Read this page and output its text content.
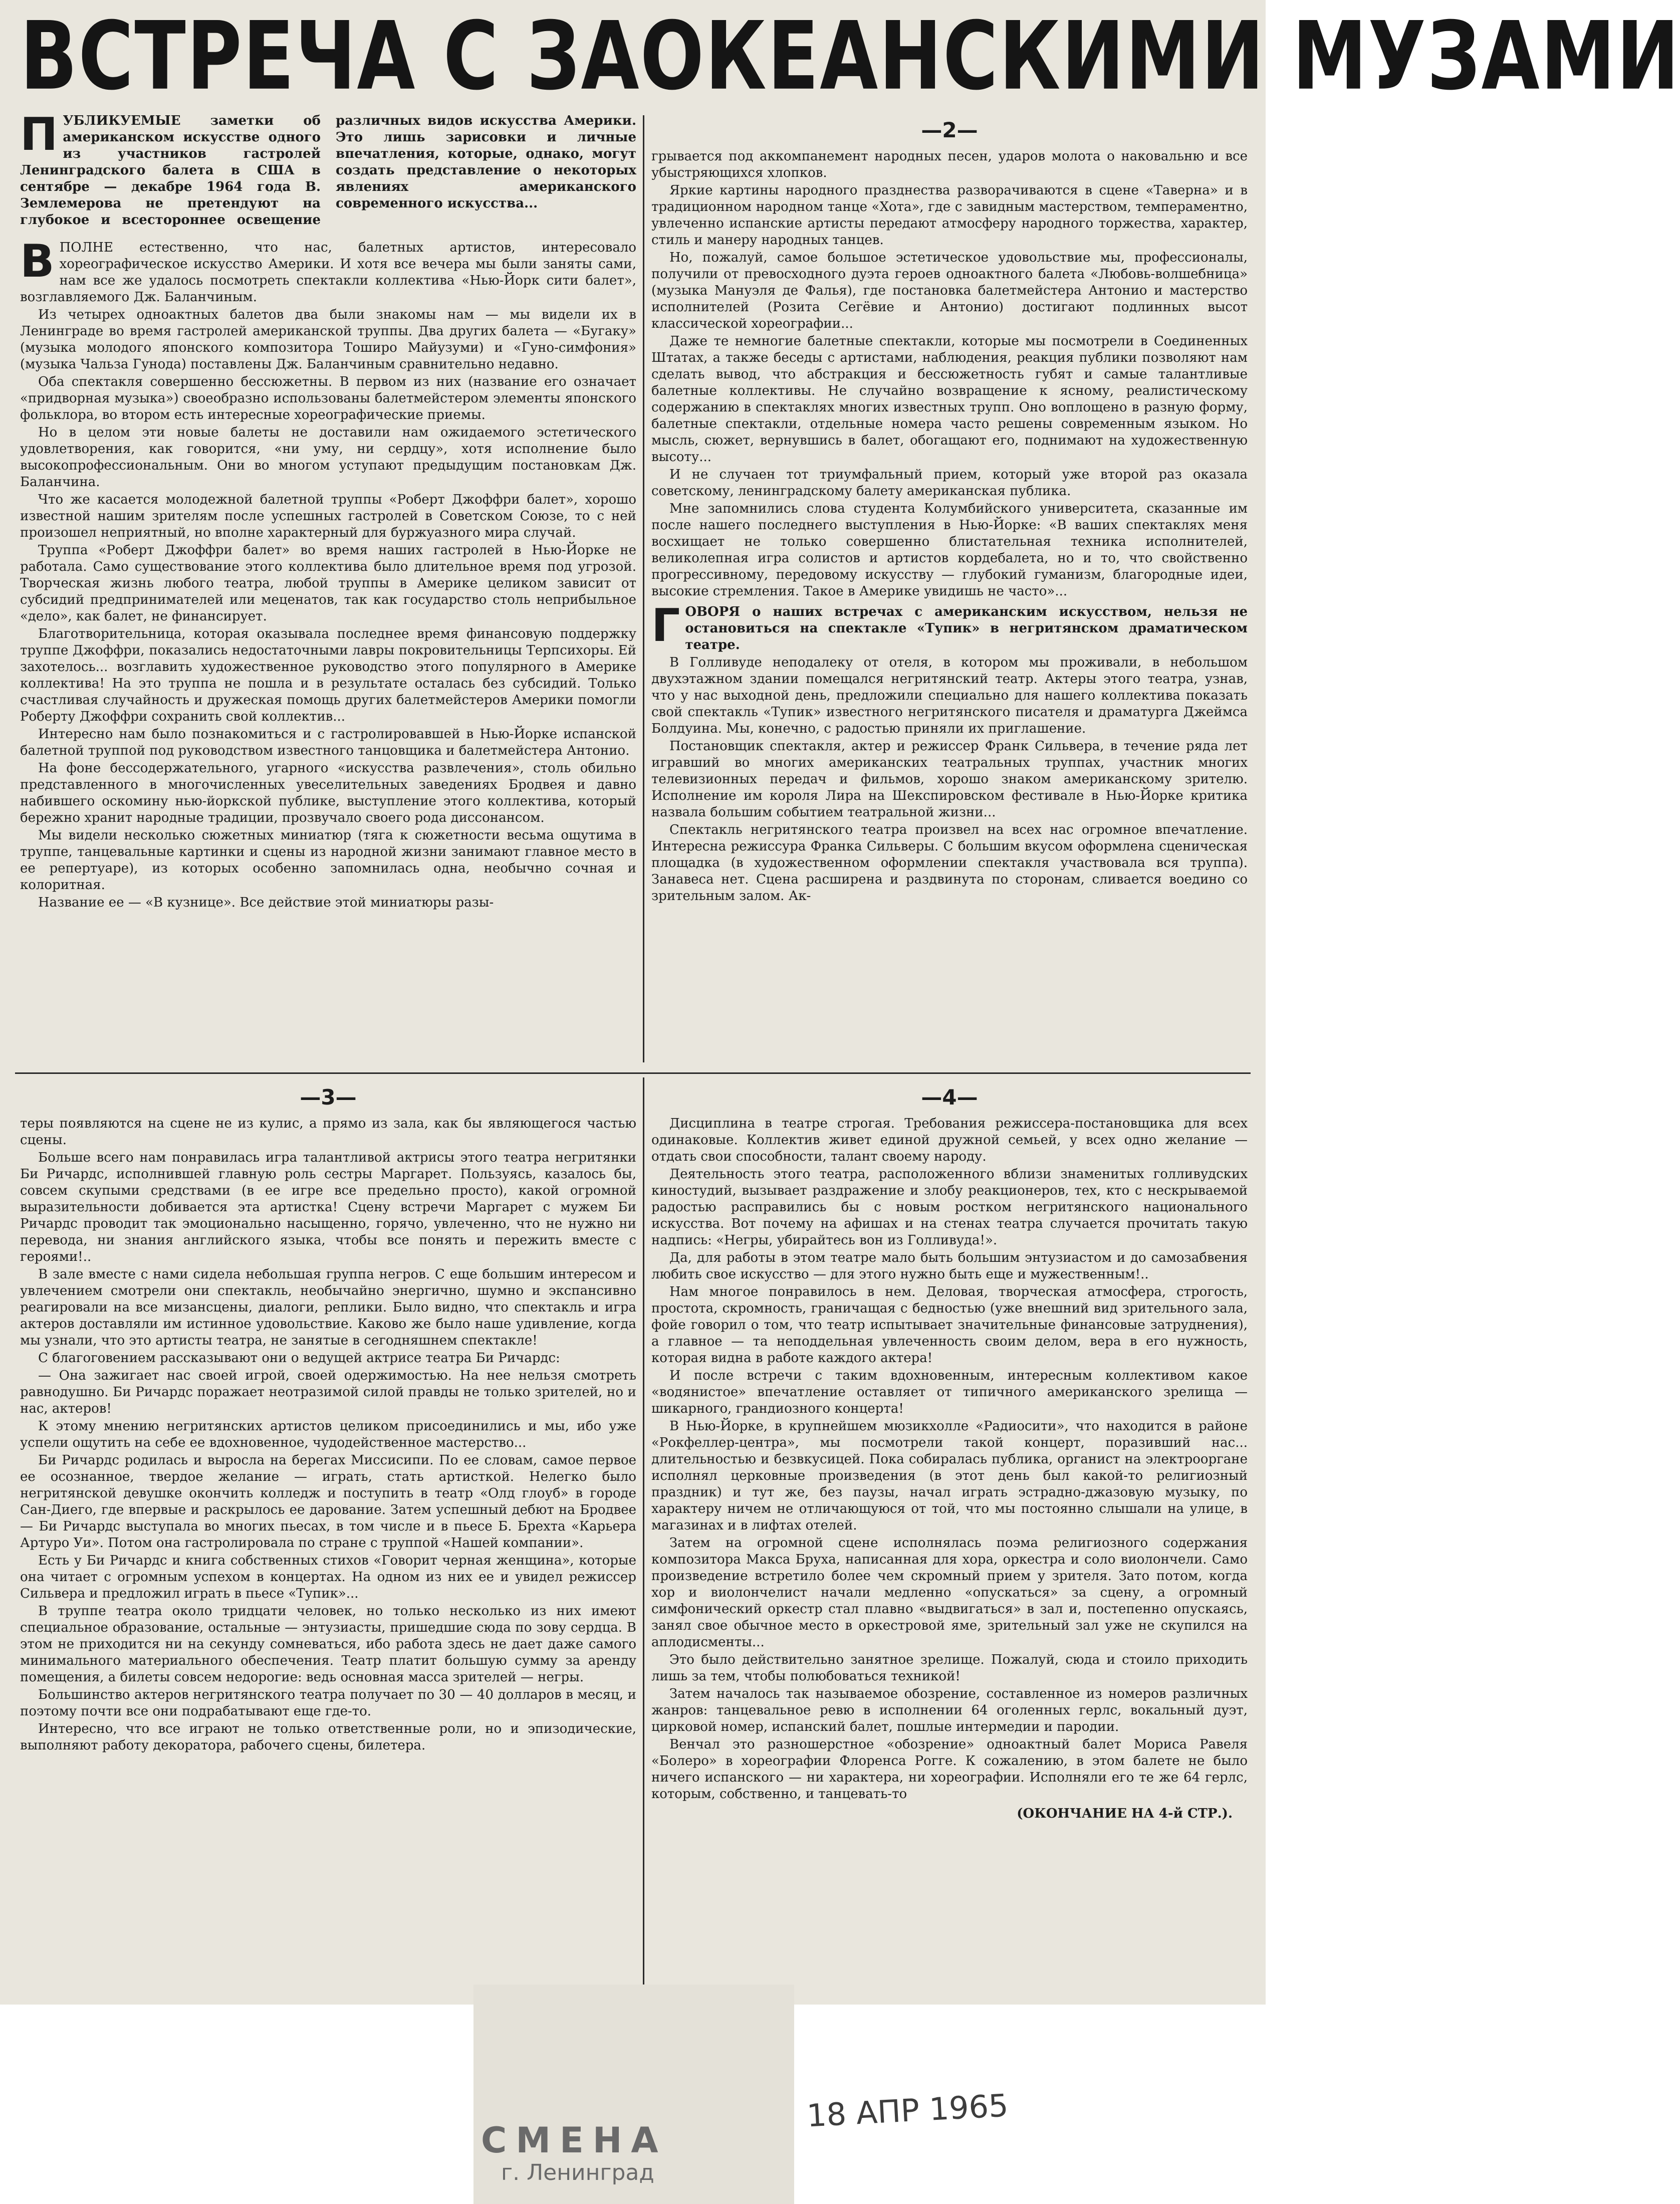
ВСТРЕЧА С ЗАОКЕАНСКИМИ МУЗАМИ
ПУБЛИКУЕМЫЕ заметки об американском искусстве одного из участников гастролей Ленинградского балета в США в сентябре — декабре 1964 года В. Землемерова не претендуют на глубокое и всестороннее освещение различных видов искусства Америки. Это лишь зарисовки и личные впечатления, которые, однако, могут создать представление о некоторых явлениях американского современного искусства...

ВПОЛНЕ естественно, что нас, балетных артистов, интересовало хореографическое искусство Америки. И хотя все вечера мы были заняты сами, нам все же удалось посмотреть спектакли коллектива «Нью-Йорк сити балет», возглавляемого Дж. Баланчиным.

Из четырех одноактных балетов два были знакомы нам — мы видели их в Ленинграде во время гастролей американской труппы. Два других балета — «Бугаку» (музыка молодого японского композитора Тоширо Майузуми) и «Гуно-симфония» (музыка Чальза Гунода) поставлены Дж. Баланчиным сравнительно недавно.

Оба спектакля совершенно бессюжетны. В первом из них (название его означает «придворная музыка») своеобразно использованы балетмейстером элементы японского фольклора, во втором есть интересные хореографические приемы.

Но в целом эти новые балеты не доставили нам ожидаемого эстетического удовлетворения, как говорится, «ни уму, ни сердцу», хотя исполнение было высокопрофессиональным. Они во многом уступают предыдущим постановкам Дж. Баланчина.

Что же касается молодежной балетной труппы «Роберт Джоффри балет», хорошо известной нашим зрителям после успешных гастролей в Советском Союзе, то с ней произошел неприятный, но вполне характерный для буржуазного мира случай.

Труппа «Роберт Джоффри балет» во время наших гастролей в Нью-Йорке не работала. Само существование этого коллектива было длительное время под угрозой. Творческая жизнь любого театра, любой труппы в Америке целиком зависит от субсидий предпринимателей или меценатов, так как государство столь неприбыльное «дело», как балет, не финансирует.

Благотворительница, которая оказывала последнее время финансовую поддержку труппе Джоффри, показались недостаточными лавры покровительницы Терпсихоры. Ей захотелось... возглавить художественное руководство этого популярного в Америке коллектива! На это труппа не пошла и в результате осталась без субсидий. Только счастливая случайность и дружеская помощь других балетмейстеров Америки помогли Роберту Джоффри сохранить свой коллектив...

Интересно нам было познакомиться и с гастролировавшей в Нью-Йорке испанской балетной труппой под руководством известного танцовщика и балетмейстера Антонио.

На фоне бессодержательного, угарного «искусства развлечения», столь обильно представленного в многочисленных увеселительных заведениях Бродвея и давно набившего оскомину нью-йоркской публике, выступление этого коллектива, который бережно хранит народные традиции, прозвучало своего рода диссонансом.

Мы видели несколько сюжетных миниатюр (тяга к сюжетности весьма ощутима в труппе, танцевальные картинки и сцены из народной жизни занимают главное место в ее репертуаре), из которых особенно запомнилась одна, необычно сочная и колоритная.

Название ее — «В кузнице». Все действие этой миниатюры разы-

—2—

грывается под аккомпанемент народных песен, ударов молота о наковальню и все убыстряющихся хлопков.

Яркие картины народного празднества разворачиваются в сцене «Таверна» и в традиционном народном танце «Хота», где с завидным мастерством, темпераментно, увлеченно испанские артисты передают атмосферу народного торжества, характер, стиль и манеру народных танцев.

Но, пожалуй, самое большое эстетическое удовольствие мы, профессионалы, получили от превосходного дуэта героев одноактного балета «Любовь-волшебница» (музыка Мануэля де Фалья), где постановка балетмейстера Антонио и мастерство исполнителей (Розита Сегёвие и Антонио) достигают подлинных высот классической хореографии...

Даже те немногие балетные спектакли, которые мы посмотрели в Соединенных Штатах, а также беседы с артистами, наблюдения, реакция публики позволяют нам сделать вывод, что абстракция и бессюжетность губят и самые талантливые балетные коллективы. Не случайно возвращение к ясному, реалистическому содержанию в спектаклях многих известных трупп. Оно воплощено в разную форму, балетные спектакли, отдельные номера часто решены современным языком. Но мысль, сюжет, вернувшись в балет, обогащают его, поднимают на художественную высоту...

И не случаен тот триумфальный прием, который уже второй раз оказала советскому, ленинградскому балету американская публика.

Мне запомнились слова студента Колумбийского университета, сказанные им после нашего последнего выступления в Нью-Йорке: «В ваших спектаклях меня восхищает не только совершенно блистательная техника исполнителей, великолепная игра солистов и артистов кордебалета, но и то, что свойственно прогрессивному, передовому искусству — глубокий гуманизм, благородные идеи, высокие стремления. Такое в Америке увидишь не часто»...

ГОВОРЯ о наших встречах с американским искусством, нельзя не остановиться на спектакле «Тупик» в негритянском драматическом театре.

В Голливуде неподалеку от отеля, в котором мы проживали, в небольшом двухэтажном здании помещался негритянский театр. Актеры этого театра, узнав, что у нас выходной день, предложили специально для нашего коллектива показать свой спектакль «Тупик» известного негритянского писателя и драматурга Джеймса Болдуина. Мы, конечно, с радостью приняли их приглашение.

Постановщик спектакля, актер и режиссер Франк Сильвера, в течение ряда лет игравший во многих американских театральных труппах, участник многих телевизионных передач и фильмов, хорошо знаком американскому зрителю. Исполнение им короля Лира на Шекспировском фестивале в Нью-Йорке критика назвала большим событием театральной жизни...

Спектакль негритянского театра произвел на всех нас огромное впечатление. Интересна режиссура Франка Сильверы. С большим вкусом оформлена сценическая площадка (в художественном оформлении спектакля участвовала вся труппа). Занавеса нет. Сцена расширена и раздвинута по сторонам, сливается воедино со зрительным залом. Ак-

—3—

теры появляются на сцене не из кулис, а прямо из зала, как бы являющегося частью сцены.

Больше всего нам понравилась игра талантливой актрисы этого театра негритянки Би Ричардс, исполнившей главную роль сестры Маргарет. Пользуясь, казалось бы, совсем скупыми средствами (в ее игре все предельно просто), какой огромной выразительности добивается эта артистка! Сцену встречи Маргарет с мужем Би Ричардс проводит так эмоционально насыщенно, горячо, увлеченно, что не нужно ни перевода, ни знания английского языка, чтобы все понять и пережить вместе с героями!..

В зале вместе с нами сидела небольшая группа негров. С еще большим интересом и увлечением смотрели они спектакль, необычайно энергично, шумно и экспансивно реагировали на все мизансцены, диалоги, реплики. Было видно, что спектакль и игра актеров доставляли им истинное удовольствие. Каково же было наше удивление, когда мы узнали, что это артисты театра, не занятые в сегодняшнем спектакле!

С благоговением рассказывают они о ведущей актрисе театра Би Ричардс:

— Она зажигает нас своей игрой, своей одержимостью. На нее нельзя смотреть равнодушно. Би Ричардс поражает неотразимой силой правды не только зрителей, но и нас, актеров!

К этому мнению негритянских артистов целиком присоединились и мы, ибо уже успели ощутить на себе ее вдохновенное, чудодейственное мастерство...

Би Ричардс родилась и выросла на берегах Миссисипи. По ее словам, самое первое ее осознанное, твердое желание — играть, стать артисткой. Нелегко было негритянской девушке окончить колледж и поступить в театр «Олд глоуб» в городе Сан-Диего, где впервые и раскрылось ее дарование. Затем успешный дебют на Бродвее — Би Ричардс выступала во многих пьесах, в том числе и в пьесе Б. Брехта «Карьера Артуро Уи». Потом она гастролировала по стране с труппой «Нашей компании».

Есть у Би Ричардс и книга собственных стихов «Говорит черная женщина», которые она читает с огромным успехом в концертах. На одном из них ее и увидел режиссер Сильвера и предложил играть в пьесе «Тупик»...

В труппе театра около тридцати человек, но только несколько из них имеют специальное образование, остальные — энтузиасты, пришедшие сюда по зову сердца. В этом не приходится ни на секунду сомневаться, ибо работа здесь не дает даже самого минимального материального обеспечения. Театр платит большую сумму за аренду помещения, а билеты совсем недорогие: ведь основная масса зрителей — негры.

Большинство актеров негритянского театра получает по 30 — 40 долларов в месяц, и поэтому почти все они подрабатывают еще где-то.

Интересно, что все играют не только ответственные роли, но и эпизодические, выполняют работу декоратора, рабочего сцены, билетера.

—4—

Дисциплина в театре строгая. Требования режиссера-постановщика для всех одинаковые. Коллектив живет единой дружной семьей, у всех одно желание — отдать свои способности, талант своему народу.

Деятельность этого театра, расположенного вблизи знаменитых голливудских киностудий, вызывает раздражение и злобу реакционеров, тех, кто с нескрываемой радостью расправились бы с новым ростком негритянского национального искусства. Вот почему на афишах и на стенах театра случается прочитать такую надпись: «Негры, убирайтесь вон из Голливуда!».

Да, для работы в этом театре мало быть большим энтузиастом и до самозабвения любить свое искусство — для этого нужно быть еще и мужественным!..

Нам многое понравилось в нем. Деловая, творческая атмосфера, строгость, простота, скромность, граничащая с бедностью (уже внешний вид зрительного зала, фойе говорил о том, что театр испытывает значительные финансовые затруднения), а главное — та неподдельная увлеченность своим делом, вера в его нужность, которая видна в работе каждого актера!

И после встречи с таким вдохновенным, интересным коллективом какое «водянистое» впечатление оставляет от типичного американского зрелища — шикарного, грандиозного концерта!

В Нью-Йорке, в крупнейшем мюзикхолле «Радиосити», что находится в районе «Рокфеллер-центра», мы посмотрели такой концерт, поразивший нас... длительностью и безвкусицей. Пока собиралась публика, органист на электрооргане исполнял церковные произведения (в этот день был какой-то религиозный праздник) и тут же, без паузы, начал играть эстрадно-джазовую музыку, по характеру ничем не отличающуюся от той, что мы постоянно слышали на улице, в магазинах и в лифтах отелей.

Затем на огромной сцене исполнялась поэма религиозного содержания композитора Макса Бруха, написанная для хора, оркестра и соло виолончели. Само произведение встретило более чем скромный прием у зрителя. Зато потом, когда хор и виолончелист начали медленно «опускаться» за сцену, а огромный симфонический оркестр стал плавно «выдвигаться» в зал и, постепенно опускаясь, занял свое обычное место в оркестровой яме, зрительный зал уже не скупился на аплодисменты...

Это было действительно занятное зрелище. Пожалуй, сюда и стоило приходить лишь за тем, чтобы полюбоваться техникой!

Затем началось так называемое обозрение, составленное из номеров различных жанров: танцевальное ревю в исполнении 64 оголенных герлс, вокальный дуэт, цирковой номер, испанский балет, пошлые интермедии и пародии.

Венчал это разношерстное «обозрение» одноактный балет Мориса Равеля «Болеро» в хореографии Флоренса Рогге. К сожалению, в этом балете не было ничего испанского — ни характера, ни хореографии. Исполняли его те же 64 герлс, которым, собственно, и танцевать-то

(ОКОНЧАНИЕ НА 4-й СТР.).

СМЕНА

г. Ленинград

18 АПР 1965
